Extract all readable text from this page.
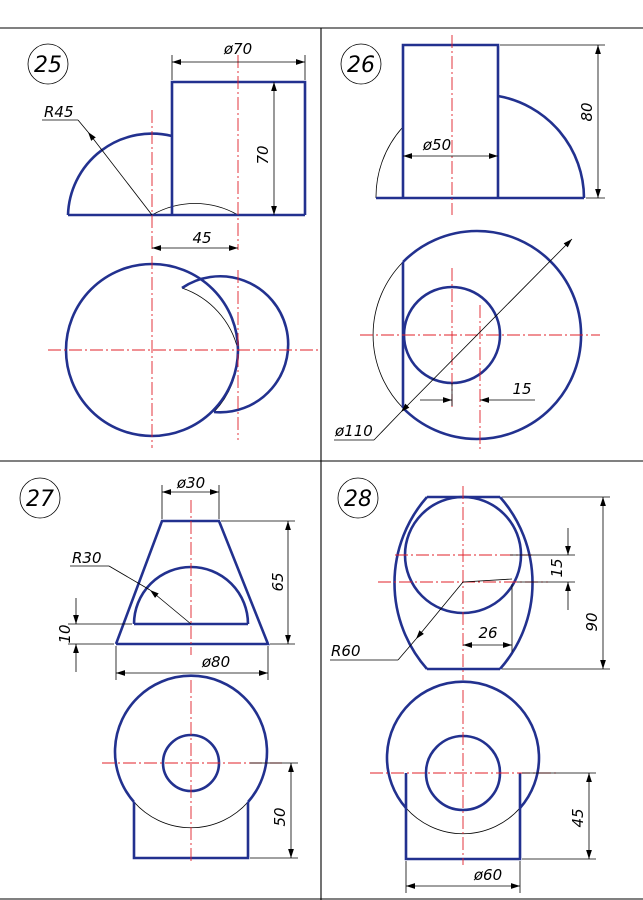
25
R45
ø70
70
45
26
ø50
80
ø110
15
27
ø30
R30
65
10
ø80
50
28
R60
15
26
90
45
ø60
